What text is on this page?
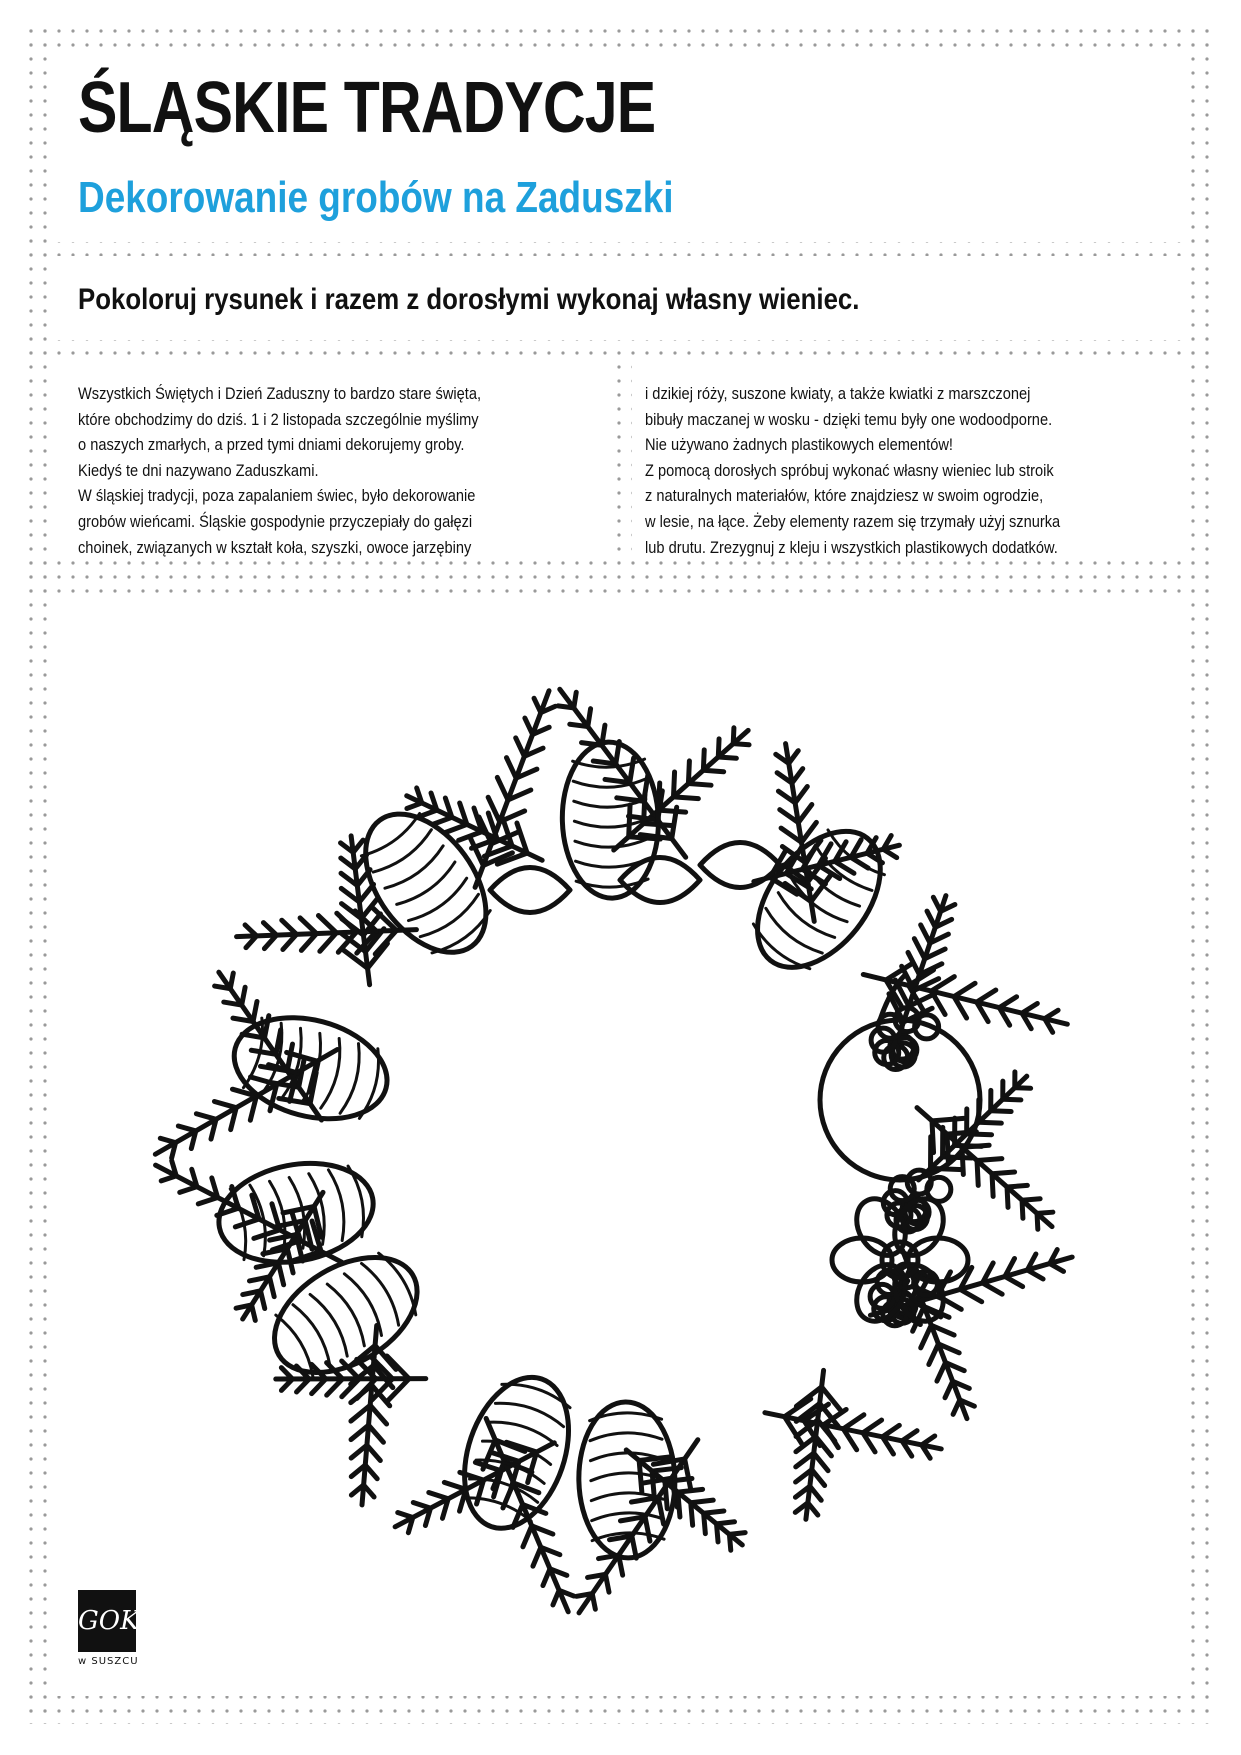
ŚLĄSKIE TRADYCJE
Dekorowanie grobów na Zaduszki

Pokoloruj rysunek i razem z dorosłymi wykonaj własny wieniec.

Wszystkich Świętych i Dzień Zaduszny to bardzo stare święta,

które obchodzimy do dziś. 1 i 2 listopada szczególnie myślimy

o naszych zmarłych, a przed tymi dniami dekorujemy groby.

Kiedyś te dni nazywano Zaduszkami.

W śląskiej tradycji, poza zapalaniem świec, było dekorowanie

grobów wieńcami. Śląskie gospodynie przyczepiały do gałęzi

choinek, związanych w kształt koła, szyszki, owoce jarzębiny

i dzikiej róży, suszone kwiaty, a także kwiatki z marszczonej

bibuły maczanej w wosku - dzięki temu były one wodoodporne.

Nie używano żadnych plastikowych elementów!

Z pomocą dorosłych spróbuj wykonać własny wieniec lub stroik

z naturalnych materiałów, które znajdziesz w swoim ogrodzie,

w lesie, na łące. Żeby elementy razem się trzymały użyj sznurka

lub drutu. Zrezygnuj z kleju i wszystkich plastikowych dodatków.

GOK
w SUSZCU
